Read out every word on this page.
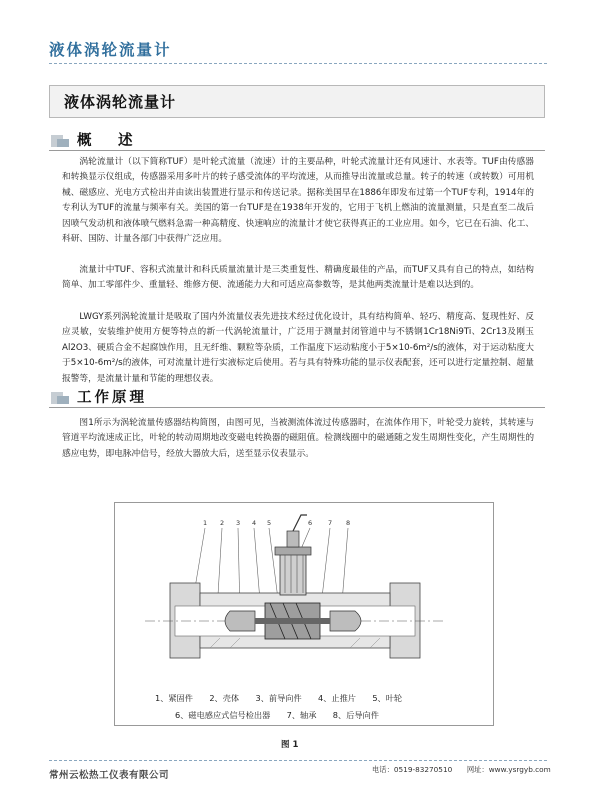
液体涡轮流量计
液体涡轮流量计
概　述

涡轮流量计（以下简称TUF）是叶轮式流量（流速）计的主要品种，叶轮式流量计还有风速计、水表等。TUF由传感器和转换显示仪组成，传感器采用多叶片的转子感受流体的平均流速，从而推导出流量或总量。转子的转速（或转数）可用机械、磁感应、光电方式检出并由读出装置进行显示和传送记录。据称美国早在1886年即发布过第一个TUF专利，1914年的专利认为TUF的流量与频率有关。美国的第一台TUF是在1938年开发的，它用于飞机上燃油的流量测量，只是直至二战后因喷气发动机和液体喷气燃料急需一种高精度、快速响应的流量计才使它获得真正的工业应用。如今，它已在石油、化工、科研、国防、计量各部门中获得广泛应用。

流量计中TUF、容积式流量计和科氏质量流量计是三类重复性、精确度最佳的产品，而TUF又具有自己的特点，如结构简单、加工零部件少、重量轻、维修方便、流通能力大和可适应高参数等，是其他两类流量计是难以达到的。

LWGY系列涡轮流量计是吸取了国内外流量仪表先进技术经过优化设计，具有结构简单、轻巧、精度高、复现性好、反应灵敏，安装维护使用方便等特点的新一代涡轮流量计，广泛用于测量封闭管道中与不锈钢1Cr18Ni9Ti、2Cr13及刚玉Al2O3、硬质合金不起腐蚀作用，且无纤维、颗粒等杂质，工作温度下运动粘度小于5×10-6m²/s的液体，对于运动粘度大于5×10-6m²/s的液体，可对流量计进行实液标定后使用。若与具有特殊功能的显示仪表配套，还可以进行定量控制、超量报警等，是流量计量和节能的理想仪表。

工作原理

图1所示为涡轮流量传感器结构简图，由图可见，当被测流体流过传感器时，在流体作用下，叶轮受力旋转，其转速与管道平均流速成正比，叶轮的转动周期地改变磁电转换器的磁阻值。检测线圈中的磁通随之发生周期性变化，产生周期性的感应电势，即电脉冲信号，经放大器放大后，送至显示仪表显示。

1 2 3 4 5	6 7 8

1、紧固件　　2、壳体　　3、前导向件　　4、止推片　　5、叶轮

6、磁电感应式信号检出器　　7、轴承　　8、后导向件

图 1
常州云松热工仪表有限公司
电话：0519-83270510　　网址：www.ysrgyb.com
